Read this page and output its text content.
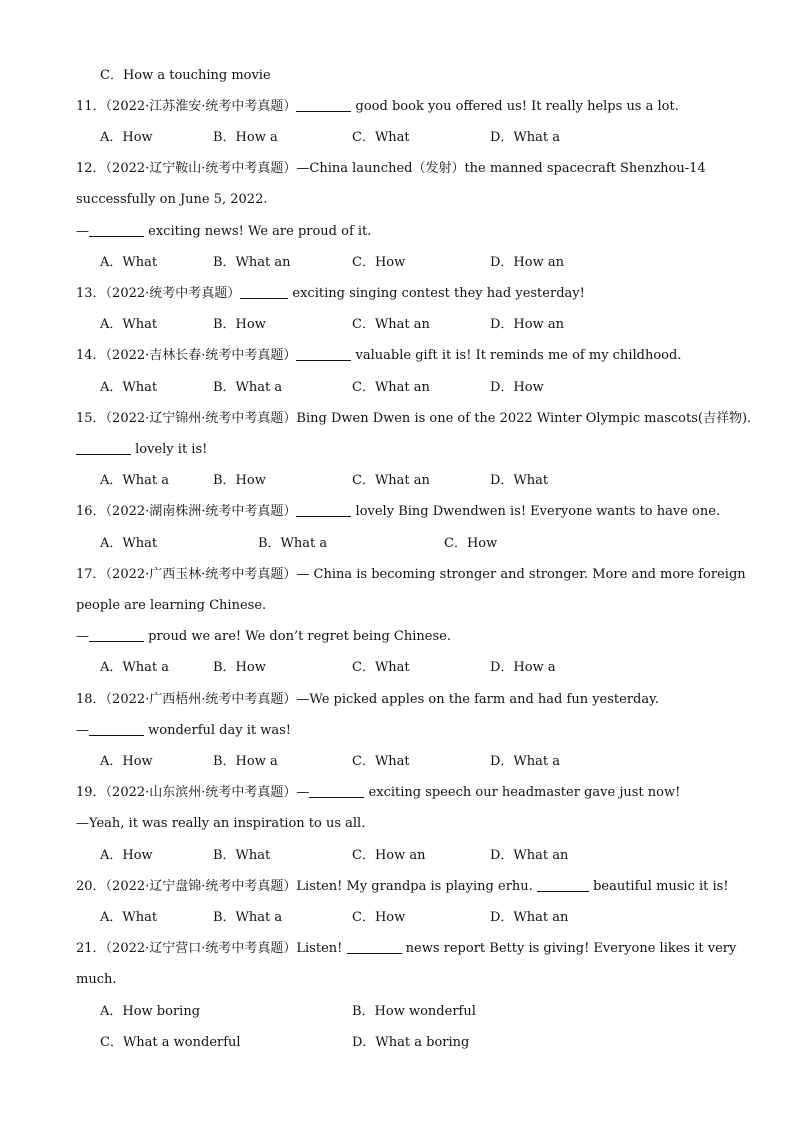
C．How a touching movie
11．（2022·江苏淮安·统考中考真题）	good book you offered us! It really helps us a lot.
A．How	B．How a	C．What	D．What a
12．（2022·辽宁鞍山·统考中考真题）—China launched（发射）the manned spacecraft Shenzhou-14
successfully on June 5, 2022.
—	exciting news! We are proud of it.
A．What	B．What an	C．How	D．How an
13．（2022·统考中考真题）	exciting singing contest they had yesterday!
A．What	B．How	C．What an	D．How an
14．（2022·吉林长春·统考中考真题）	valuable gift it is! It reminds me of my childhood.
A．What	B．What a	C．What an	D．How
15．（2022·辽宁锦州·统考中考真题）Bing Dwen Dwen is one of the 2022 Winter Olympic mascots(吉祥物).
lovely it is!
A．What a	B．How	C．What an	D．What
16．（2022·湖南株洲·统考中考真题）	lovely Bing Dwendwen is! Everyone wants to have one.
A．What	B．What a	C．How
17．（2022·广西玉林·统考中考真题）— China is becoming stronger and stronger. More and more foreign
people are learning Chinese.
—	proud we are! We don’t regret being Chinese.
A．What a	B．How	C．What	D．How a
18．（2022·广西梧州·统考中考真题）—We picked apples on the farm and had fun yesterday.
—	wonderful day it was!
A．How	B．How a	C．What	D．What a
19．（2022·山东滨州·统考中考真题）—	exciting speech our headmaster gave just now!
—Yeah, it was really an inspiration to us all.
A．How	B．What	C．How an	D．What an
20．（2022·辽宁盘锦·统考中考真题）Listen! My grandpa is playing erhu.	beautiful music it is!
A．What	B．What a	C．How	D．What an
21．（2022·辽宁营口·统考中考真题）Listen!	news report Betty is giving! Everyone likes it very
much.
A．How boring	B．How wonderful
C．What a wonderful	D．What a boring
